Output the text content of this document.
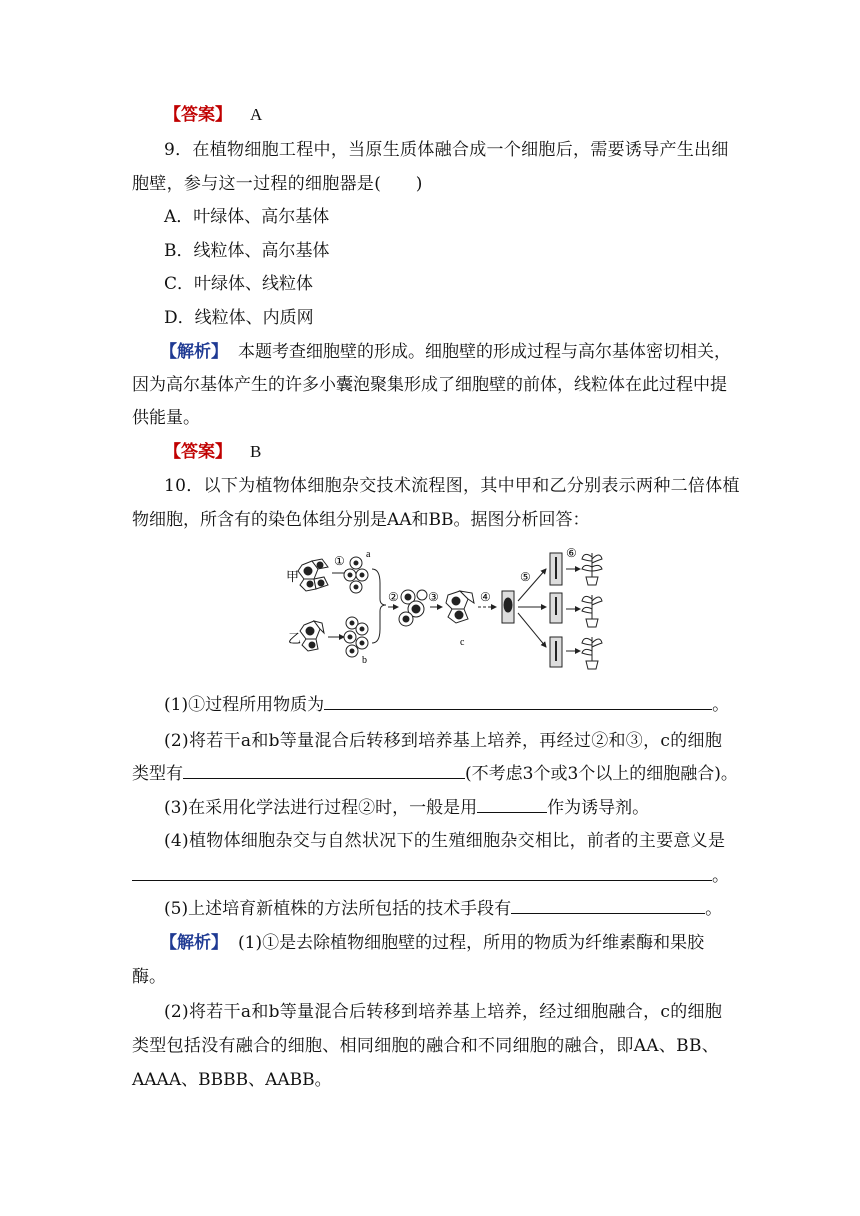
【答案】 A
9．在植物细胞工程中，当原生质体融合成一个细胞后，需要诱导产生出细
胞壁，参与这一过程的细胞器是(　　)
A．叶绿体、高尔基体
B．线粒体、高尔基体
C．叶绿体、线粒体
D．线粒体、内质网
【解析】 本题考查细胞壁的形成。细胞壁的形成过程与高尔基体密切相关，
因为高尔基体产生的许多小囊泡聚集形成了细胞壁的前体，线粒体在此过程中提
供能量。
【答案】 B
10．以下为植物体细胞杂交技术流程图，其中甲和乙分别表示两种二倍体植
物细胞，所含有的染色体组分别是AA和BB。据图分析回答：
甲
① a
乙
b
② ③
c
④
⑤
⑥
(1)①过程所用物质为	。
(2)将若干a和b等量混合后转移到培养基上培养，再经过②和③，c的细胞
类型有	(不考虑3个或3个以上的细胞融合)。
(3)在采用化学法进行过程②时，一般是用	作为诱导剂。
(4)植物体细胞杂交与自然状况下的生殖细胞杂交相比，前者的主要意义是
。
(5)上述培育新植株的方法所包括的技术手段有	。
【解析】 (1)①是去除植物细胞壁的过程，所用的物质为纤维素酶和果胶
酶。
(2)将若干a和b等量混合后转移到培养基上培养，经过细胞融合，c的细胞
类型包括没有融合的细胞、相同细胞的融合和不同细胞的融合，即AA、BB、
AAAA、BBBB、AABB。
